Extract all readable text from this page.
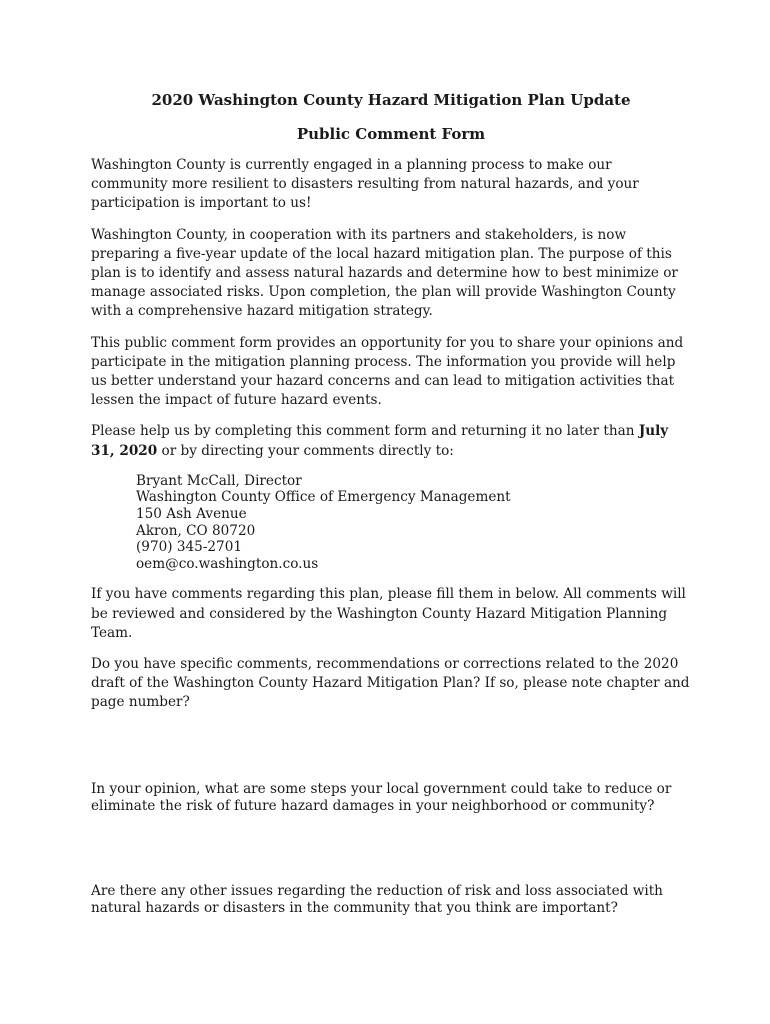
2020 Washington County Hazard Mitigation Plan Update
Public Comment Form

Washington County is currently engaged in a planning process to make our community more resilient to disasters resulting from natural hazards, and your participation is important to us!

Washington County, in cooperation with its partners and stakeholders, is now preparing a five-year update of the local hazard mitigation plan. The purpose of this plan is to identify and assess natural hazards and determine how to best minimize or manage associated risks. Upon completion, the plan will provide Washington County with a comprehensive hazard mitigation strategy.

This public comment form provides an opportunity for you to share your opinions and participate in the mitigation planning process. The information you provide will help us better understand your hazard concerns and can lead to mitigation activities that lessen the impact of future hazard events.

Please help us by completing this comment form and returning it no later than July 31, 2020 or by directing your comments directly to:

Bryant McCall, Director
Washington County Office of Emergency Management
150 Ash Avenue
Akron, CO 80720
(970) 345-2701
oem@co.washington.co.us

If you have comments regarding this plan, please fill them in below. All comments will be reviewed and considered by the Washington County Hazard Mitigation Planning Team.

Do you have specific comments, recommendations or corrections related to the 2020 draft of the Washington County Hazard Mitigation Plan? If so, please note chapter and page number?

In your opinion, what are some steps your local government could take to reduce or eliminate the risk of future hazard damages in your neighborhood or community?

Are there any other issues regarding the reduction of risk and loss associated with natural hazards or disasters in the community that you think are important?
